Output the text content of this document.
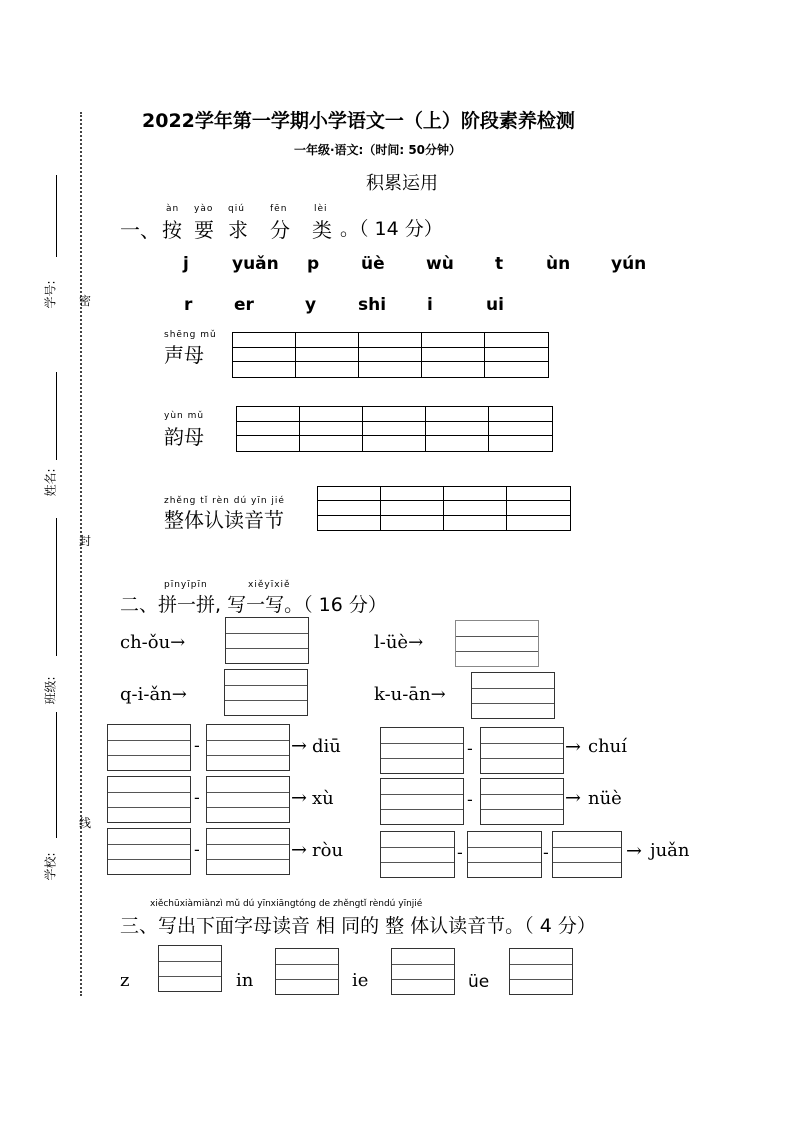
学号:
姓名:
班级:
学校:
密
封
线
2022学年第一学期小学语文一（上）阶段素养检测
一年级·语文:（时间: 50分钟）
积累运用
àn yào qiú	fēn	lèi
一、 按 要 求 分 类 。（ 14 分）
j	yuǎn p üè wù t	ùn yún
r er	y shi i	ui
shēng mǔ
声母
yùn mǔ
韵母
zhěng tǐ rèn dú yīn jié
整体认读音节
pīnyīpīn	xiěyīxiě
二、拼一拼, 写一写。（ 16 分）
ch-ǒu→	l-üè→
q-i-ǎn→	k-u-ān→
-	→ diū	-	→ chuí
-	→ xù	-	→ nüè
-	→ ròu	-	-	→ juǎn
xiěchūxiàmiànzì mǔ dú yīnxiāngtóng de zhěngtǐ rèndú yīnjié
三、写出下面字母读音 相 同的 整 体认读音节。（ 4 分）
z	in	ie	üe
